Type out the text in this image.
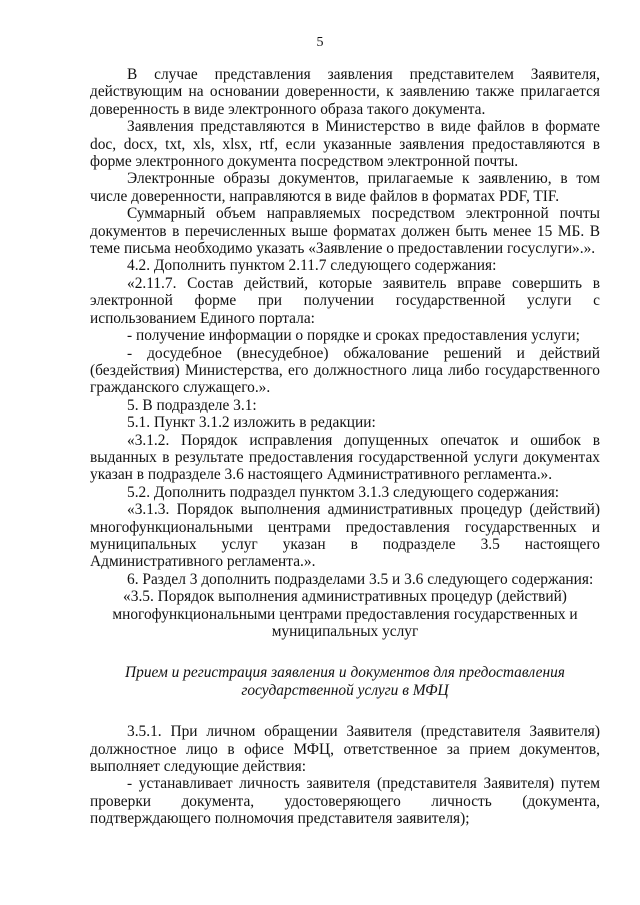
5

В случае представления заявления представителем Заявителя, действующим на основании доверенности, к заявлению также прилагается доверенность в виде электронного образа такого документа.

Заявления представляются в Министерство в виде файлов в формате doc, docx, txt, xls, xlsx, rtf, если указанные заявления предоставляются в форме электронного документа посредством электронной почты.

Электронные образы документов, прилагаемые к заявлению, в том числе доверенности, направляются в виде файлов в форматах PDF, TIF.

Суммарный объем направляемых посредством электронной почты документов в перечисленных выше форматах должен быть менее 15 МБ. В теме письма необходимо указать «Заявление о предоставлении госуслуги».».

4.2. Дополнить пунктом 2.11.7 следующего содержания:

«2.11.7. Состав действий, которые заявитель вправе совершить в электронной форме при получении государственной услуги с использованием Единого портала:

- получение информации о порядке и сроках предоставления услуги;

- досудебное (внесудебное) обжалование решений и действий (бездействия) Министерства, его должностного лица либо государственного гражданского служащего.».

5. В подразделе 3.1:

5.1. Пункт 3.1.2 изложить в редакции:

«3.1.2. Порядок исправления допущенных опечаток и ошибок в выданных в результате предоставления государственной услуги документах указан в подразделе 3.6 настоящего Административного регламента.».

5.2. Дополнить подраздел пунктом 3.1.3 следующего содержания:

«3.1.3. Порядок выполнения административных процедур (действий) многофункциональными центрами предоставления государственных и муниципальных услуг указан в подразделе 3.5 настоящего Административного регламента.».

6. Раздел 3 дополнить подразделами 3.5 и 3.6 следующего содержания:

«3.5. Порядок выполнения административных процедур (действий) многофункциональными центрами предоставления государственных и муниципальных услуг

Прием и регистрация заявления и документов для предоставления государственной услуги в МФЦ

3.5.1. При личном обращении Заявителя (представителя Заявителя) должностное лицо в офисе МФЦ, ответственное за прием документов, выполняет следующие действия:

- устанавливает личность заявителя (представителя Заявителя) путем проверки документа, удостоверяющего личность (документа, подтверждающего полномочия представителя заявителя);
